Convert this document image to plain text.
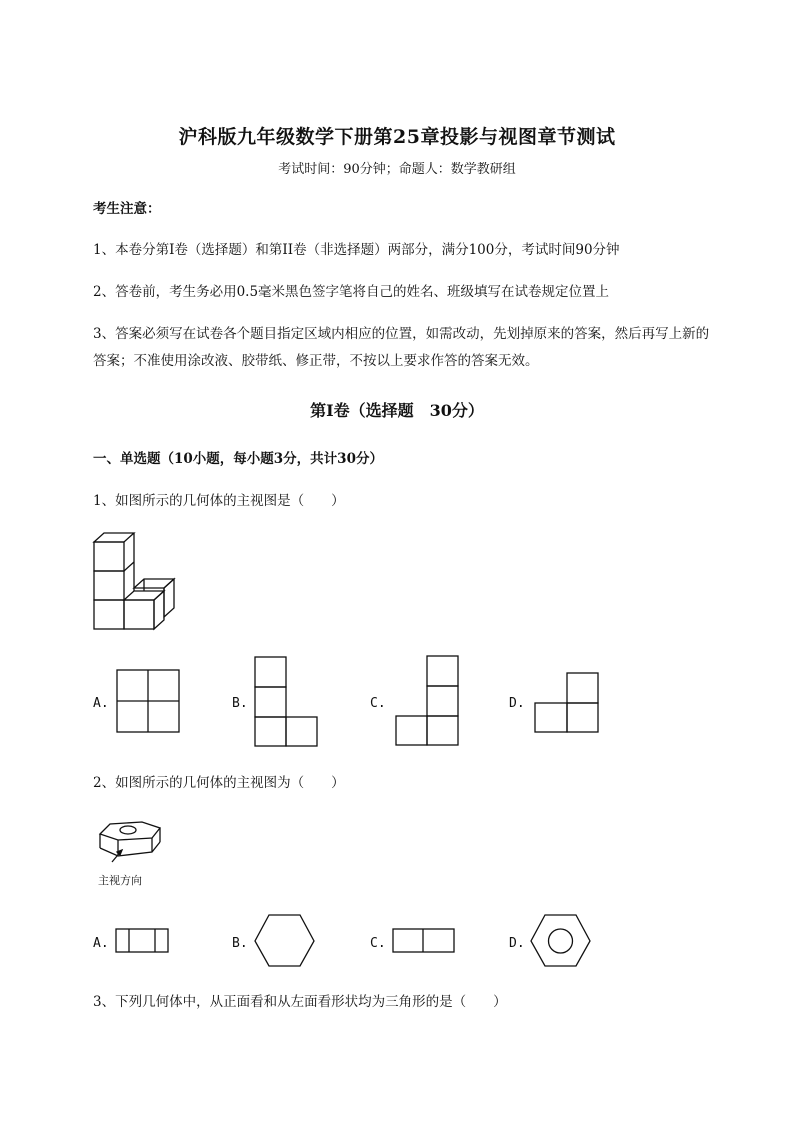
沪科版九年级数学下册第25章投影与视图章节测试
考试时间：90分钟；命题人：数学教研组
考生注意：
1、本卷分第I卷（选择题）和第II卷（非选择题）两部分，满分100分，考试时间90分钟
2、答卷前，考生务必用0.5毫米黑色签字笔将自己的姓名、班级填写在试卷规定位置上
3、答案必须写在试卷各个题目指定区域内相应的位置，如需改动，先划掉原来的答案，然后再写上新的答案；不准使用涂改液、胶带纸、修正带，不按以上要求作答的答案无效。
第I卷（选择题　30分）
一、单选题（10小题，每小题3分，共计30分）
1、如图所示的几何体的主视图是（　　）
A.	B.	C.	D.
2、如图所示的几何体的主视图为（　　）
主视方向
A.	B.	C.	D.
3、下列几何体中，从正面看和从左面看形状均为三角形的是（　　）
